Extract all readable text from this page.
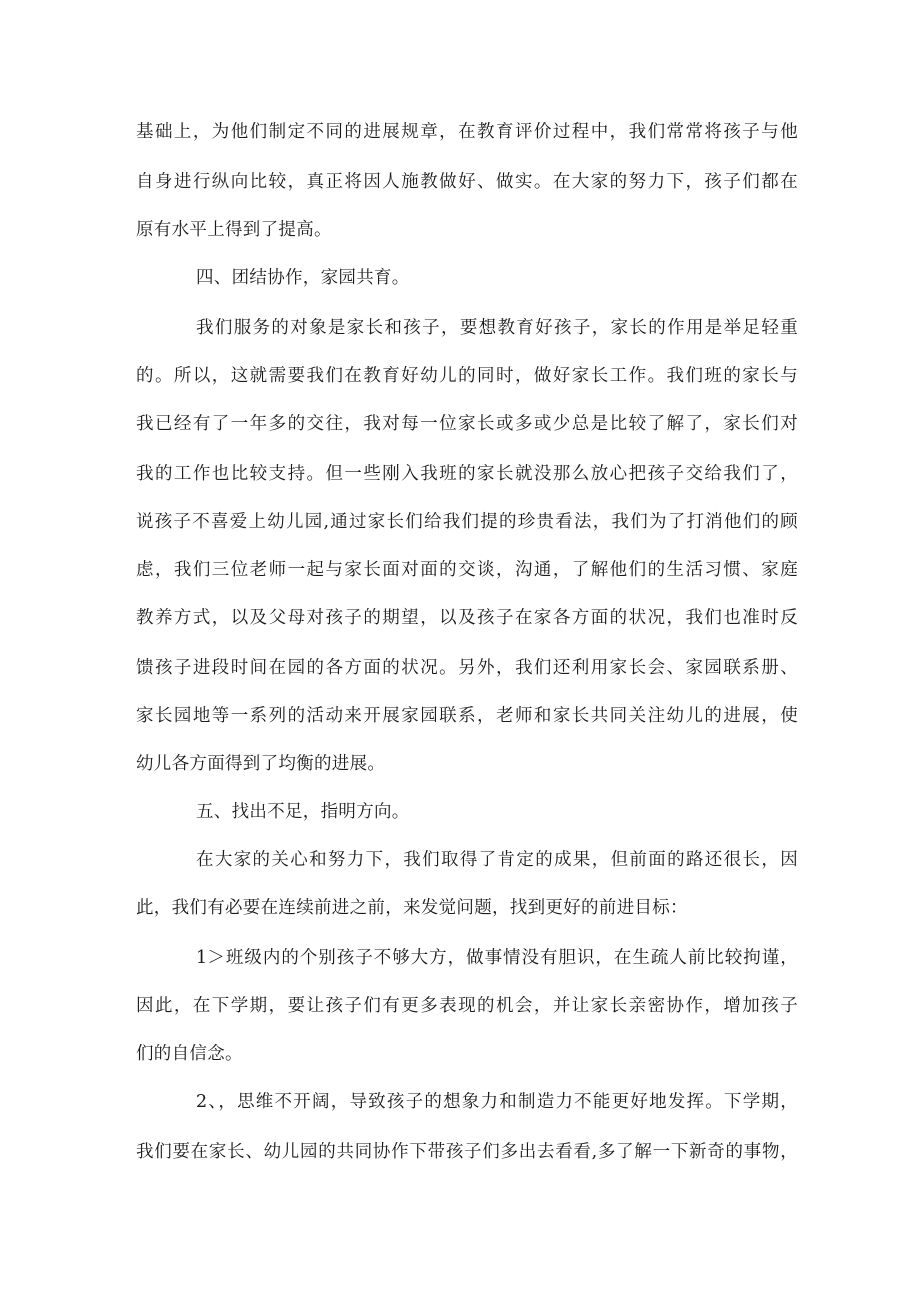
基础上，为他们制定不同的进展规章，在教育评价过程中，我们常常将孩子与他
自身进行纵向比较，真正将因人施教做好、做实。在大家的努力下，孩子们都在
原有水平上得到了提高。
四、团结协作，家园共育。
我们服务的对象是家长和孩子，要想教育好孩子，家长的作用是举足轻重
的。所以，这就需要我们在教育好幼儿的同时，做好家长工作。我们班的家长与
我已经有了一年多的交往，我对每一位家长或多或少总是比较了解了，家长们对
我的工作也比较支持。但一些刚入我班的家长就没那么放心把孩子交给我们了，
说孩子不喜爱上幼儿园,通过家长们给我们提的珍贵看法，我们为了打消他们的顾
虑，我们三位老师一起与家长面对面的交谈，沟通，了解他们的生活习惯、家庭
教养方式，以及父母对孩子的期望，以及孩子在家各方面的状况，我们也准时反
馈孩子进段时间在园的各方面的状况。另外，我们还利用家长会、家园联系册、
家长园地等一系列的活动来开展家园联系，老师和家长共同关注幼儿的进展，使
幼儿各方面得到了均衡的进展。
五、找出不足，指明方向。
在大家的关心和努力下，我们取得了肯定的成果，但前面的路还很长，因
此，我们有必要在连续前进之前，来发觉问题，找到更好的前进目标：
1＞班级内的个别孩子不够大方，做事情没有胆识，在生疏人前比较拘谨，
因此，在下学期，要让孩子们有更多表现的机会，并让家长亲密协作，增加孩子
们的自信念。
2、，思维不开阔，导致孩子的想象力和制造力不能更好地发挥。下学期，
我们要在家长、幼儿园的共同协作下带孩子们多出去看看,多了解一下新奇的事物，
